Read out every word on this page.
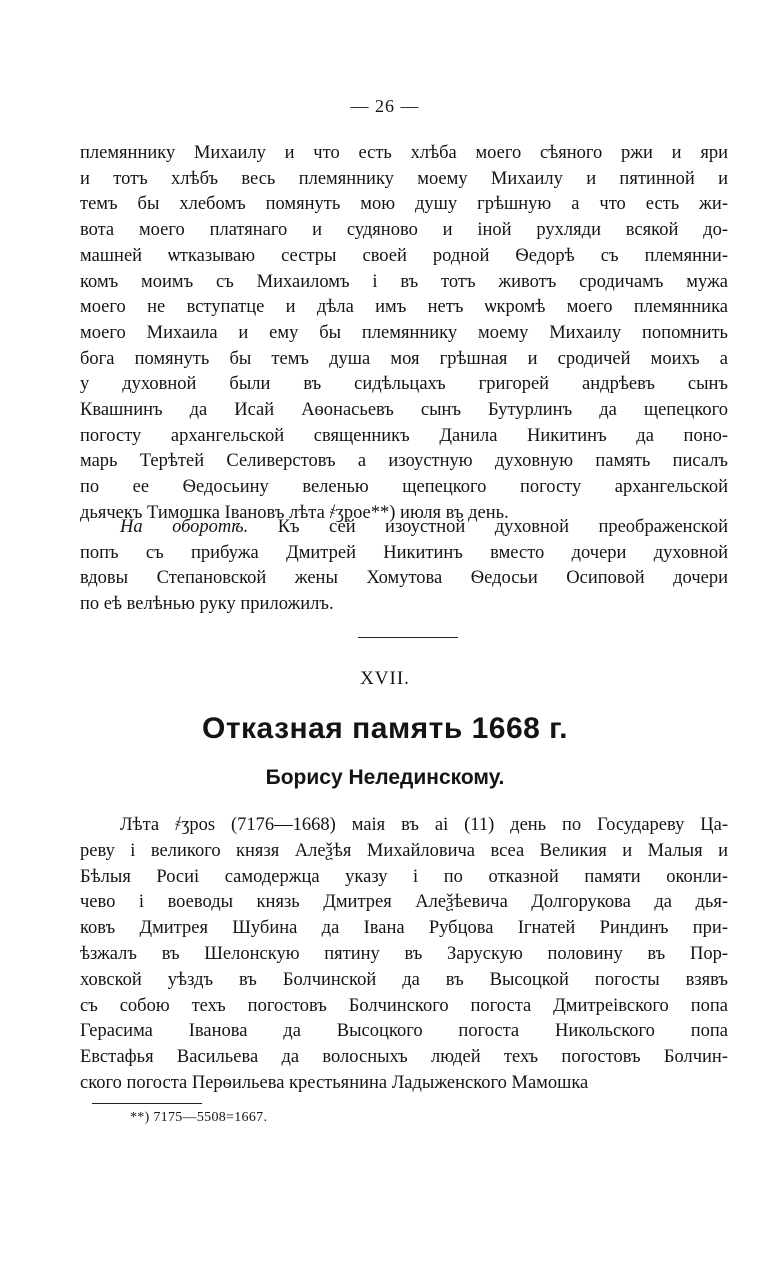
— 26 —
племяннику Михаилу и что есть хлѣба моего сѣяного ржи и яри
и тотъ хлѣбъ весь племяннику моему Михаилу и пятинной и
темъ бы хлебомъ помянуть мою душу грѣшную а что есть жи-
вота моего платянаго и судяново и іной рухляди всякой до-
машней ѡтказываю сестры своей родной Ѳедорѣ съ племянни-
комъ моимъ съ Михаиломъ і въ тотъ животъ сродичамъ мужа
моего не вступатце и дѣла имъ нетъ ѡкромѣ моего племянника
моего Михаила и ему бы племяннику моему Михаилу попомнить
бога помянуть бы темъ душа моя грѣшная и сродичей моихъ а
у духовной были въ сидѣльцахъ григорей андрѣевъ сынъ
Квашнинъ да Исай Аѳонасьевъ сынъ Бутурлинъ да щепецкого
погосту архангельской священникъ Данила Никитинъ да поно-
марь Терѣтей Селиверстовъ а изоустную духовную память писалъ
по ее Ѳедосьину веленью щепецкого погосту архангельской
дьячекъ Тимошка Івановъ лѣта ҂ӡрое**) июля въ день.
На оборотѣ. Къ сей изоустной духовной преображенской
попъ съ прибужа Дмитрей Никитинъ вместо дочери духовной
вдовы Степановской жены Хомутова Ѳедосьи Осиповой дочери
по еѣ велѣнью руку приложилъ.
XVII.
Отказная память 1668 г.
Борису Нелединскому.
Лѣта ҂ӡроѕ (7176—1668) маія въ аі (11) день по Государеву Ца-
реву і великого князя Алеѯѣя Михайловича всеа Великия и Малыя и
Бѣлыя Росиі самодержца указу і по отказной памяти оконли-
чево і воеводы князь Дмитрея Алеѯѣевича Долгорукова да дья-
ковъ Дмитрея Шубина да Івана Рубцова Ігнатей Риндинъ при-
ѣзжалъ въ Шелонскую пятину въ Зарускую половину въ Пор-
ховской уѣздъ въ Болчинской да въ Высоцкой погосты взявъ
съ собою техъ погостовъ Болчинского погоста Дмитреівского попа
Герасима Іванова да Высоцкого погоста Никольского попа
Евстафья Васильева да волосныхъ людей техъ погостовъ Болчин-
ского погоста Перѳильева крестьянина Ладыженского Мамошка
**) 7175—5508=1667.
